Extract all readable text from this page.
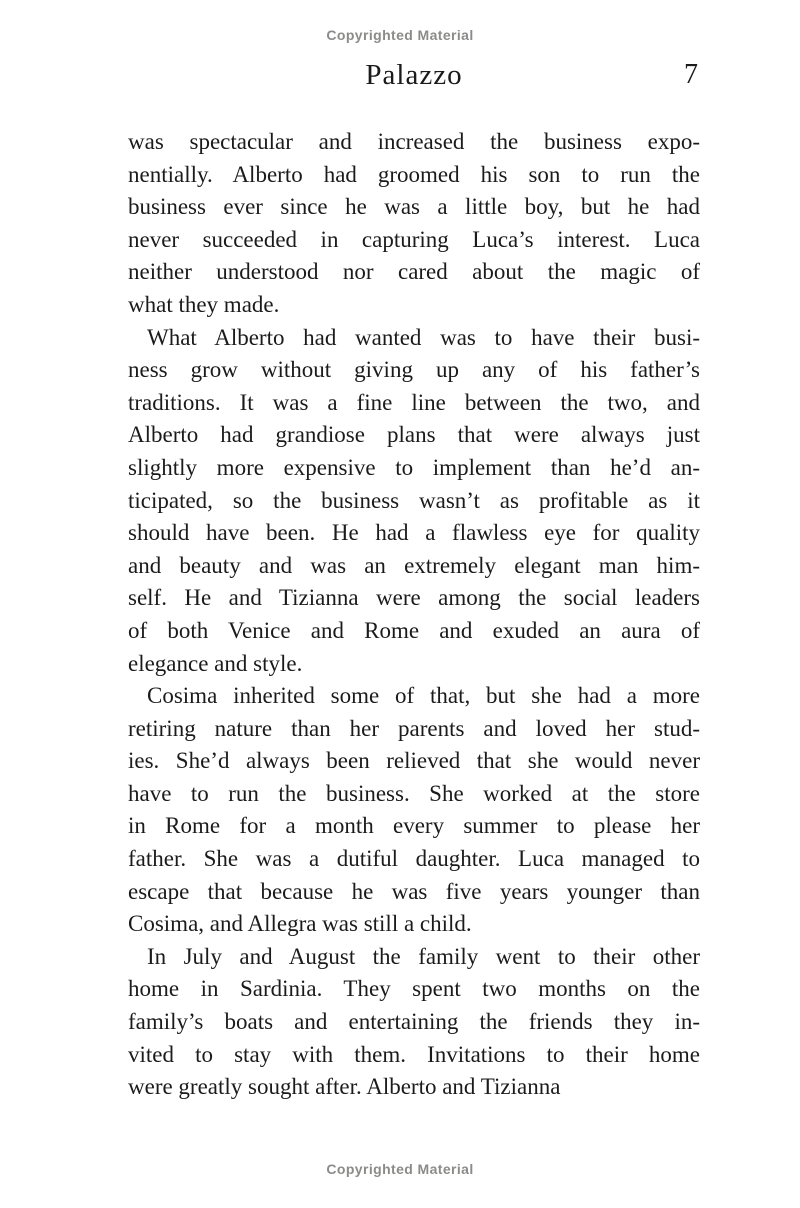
Copyrighted Material
Palazzo	7
was spectacular and increased the business expo-
nentially. Alberto had groomed his son to run the
business ever since he was a little boy, but he had
never succeeded in capturing Luca’s interest. Luca
neither understood nor cared about the magic of
what they made.
What Alberto had wanted was to have their busi-
ness grow without giving up any of his father’s
traditions. It was a fine line between the two, and
Alberto had grandiose plans that were always just
slightly more expensive to implement than he’d an-
ticipated, so the business wasn’t as profitable as it
should have been. He had a flawless eye for quality
and beauty and was an extremely elegant man him-
self. He and Tizianna were among the social leaders
of both Venice and Rome and exuded an aura of
elegance and style.
Cosima inherited some of that, but she had a more
retiring nature than her parents and loved her stud-
ies. She’d always been relieved that she would never
have to run the business. She worked at the store
in Rome for a month every summer to please her
father. She was a dutiful daughter. Luca managed to
escape that because he was five years younger than
Cosima, and Allegra was still a child.
In July and August the family went to their other
home in Sardinia. They spent two months on the
family’s boats and entertaining the friends they in-
vited to stay with them. Invitations to their home
were greatly sought after. Alberto and Tizianna
Copyrighted Material
